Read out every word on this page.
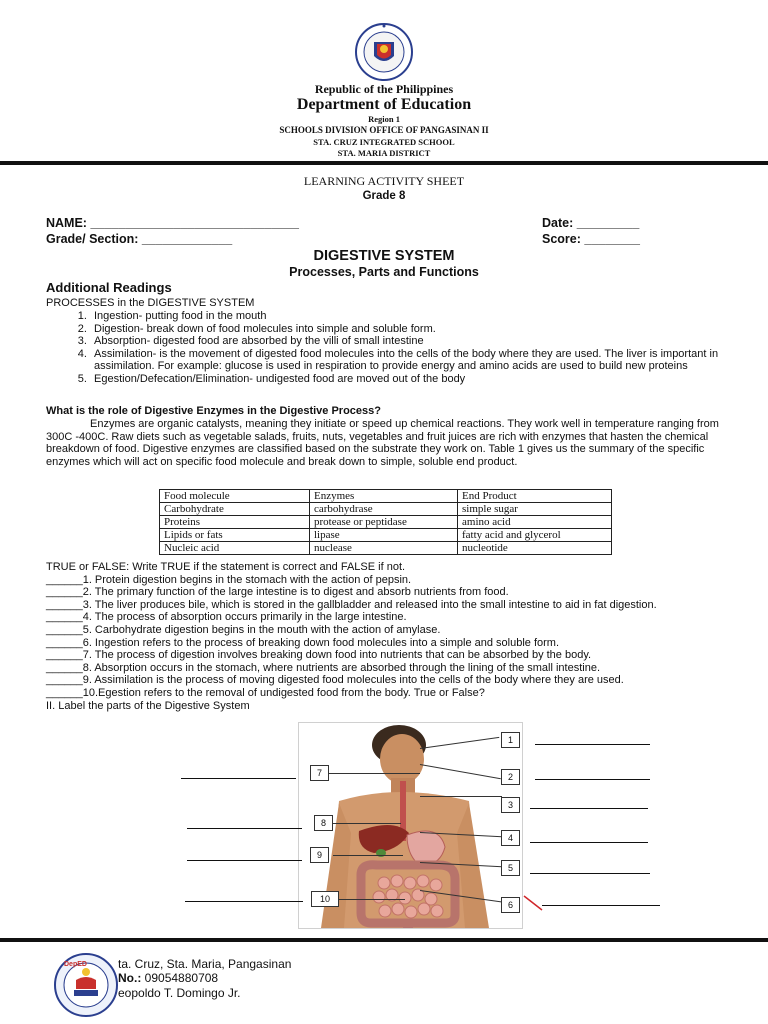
Republic of the Philippines
Department of Education
Region 1
SCHOOLS DIVISION OFFICE OF PANGASINAN II
STA. CRUZ INTEGRATED SCHOOL
STA. MARIA DISTRICT
LEARNING ACTIVITY SHEET
Grade 8
NAME: ______________________________
Grade/ Section: _____________
Date: _________
Score: ________
DIGESTIVE SYSTEM
Processes, Parts and Functions
Additional Readings
PROCESSES in the DIGESTIVE SYSTEM
1. Ingestion- putting food in the mouth
2. Digestion- break down of food molecules into simple and soluble form.
3. Absorption- digested food are absorbed by the villi of small intestine
4. Assimilation- is the movement of digested food molecules into the cells of the body where they are used. The liver is important in assimilation. For example: glucose is used in respiration to provide energy and amino acids are used to build new proteins
5. Egestion/Defecation/Elimination- undigested food are moved out of the body
What is the role of Digestive Enzymes in the Digestive Process?
Enzymes are organic catalysts, meaning they initiate or speed up chemical reactions. They work well in temperature ranging from 300C -400C. Raw diets such as vegetable salads, fruits, nuts, vegetables and fruit juices are rich with enzymes that hasten the chemical breakdown of food. Digestive enzymes are classified based on the substrate they work on. Table 1 gives us the summary of the specific enzymes which will act on specific food molecule and break down to simple, soluble end product.
Food molecule	Enzymes	End Product
Carbohydrate	carbohydrase	simple sugar
Proteins	protease or peptidase	amino acid
Lipids or fats	lipase	fatty acid and glycerol
Nucleic acid	nuclease	nucleotide
TRUE or FALSE: Write TRUE if the statement is correct and FALSE if not.
______1. Protein digestion begins in the stomach with the action of pepsin.
______2. The primary function of the large intestine is to digest and absorb nutrients from food.
______3. The liver produces bile, which is stored in the gallbladder and released into the small intestine to aid in fat digestion.
______4. The process of absorption occurs primarily in the large intestine.
______5. Carbohydrate digestion begins in the mouth with the action of amylase.
______6. Ingestion refers to the process of breaking down food molecules into a simple and soluble form.
______7. The process of digestion involves breaking down food into nutrients that can be absorbed by the body.
______8. Absorption occurs in the stomach, where nutrients are absorbed through the lining of the small intestine.
______9. Assimilation is the process of moving digested food molecules into the cells of the body where they are used.
______10.Egestion refers to the removal of undigested food from the body. True or False?
II. Label the parts of the Digestive System
1
2
3
4
5
6
7
8
9
10
DepED	ta. Cruz, Sta. Maria, Pangasinan
No.: 09054880708
eopoldo T. Domingo Jr.
